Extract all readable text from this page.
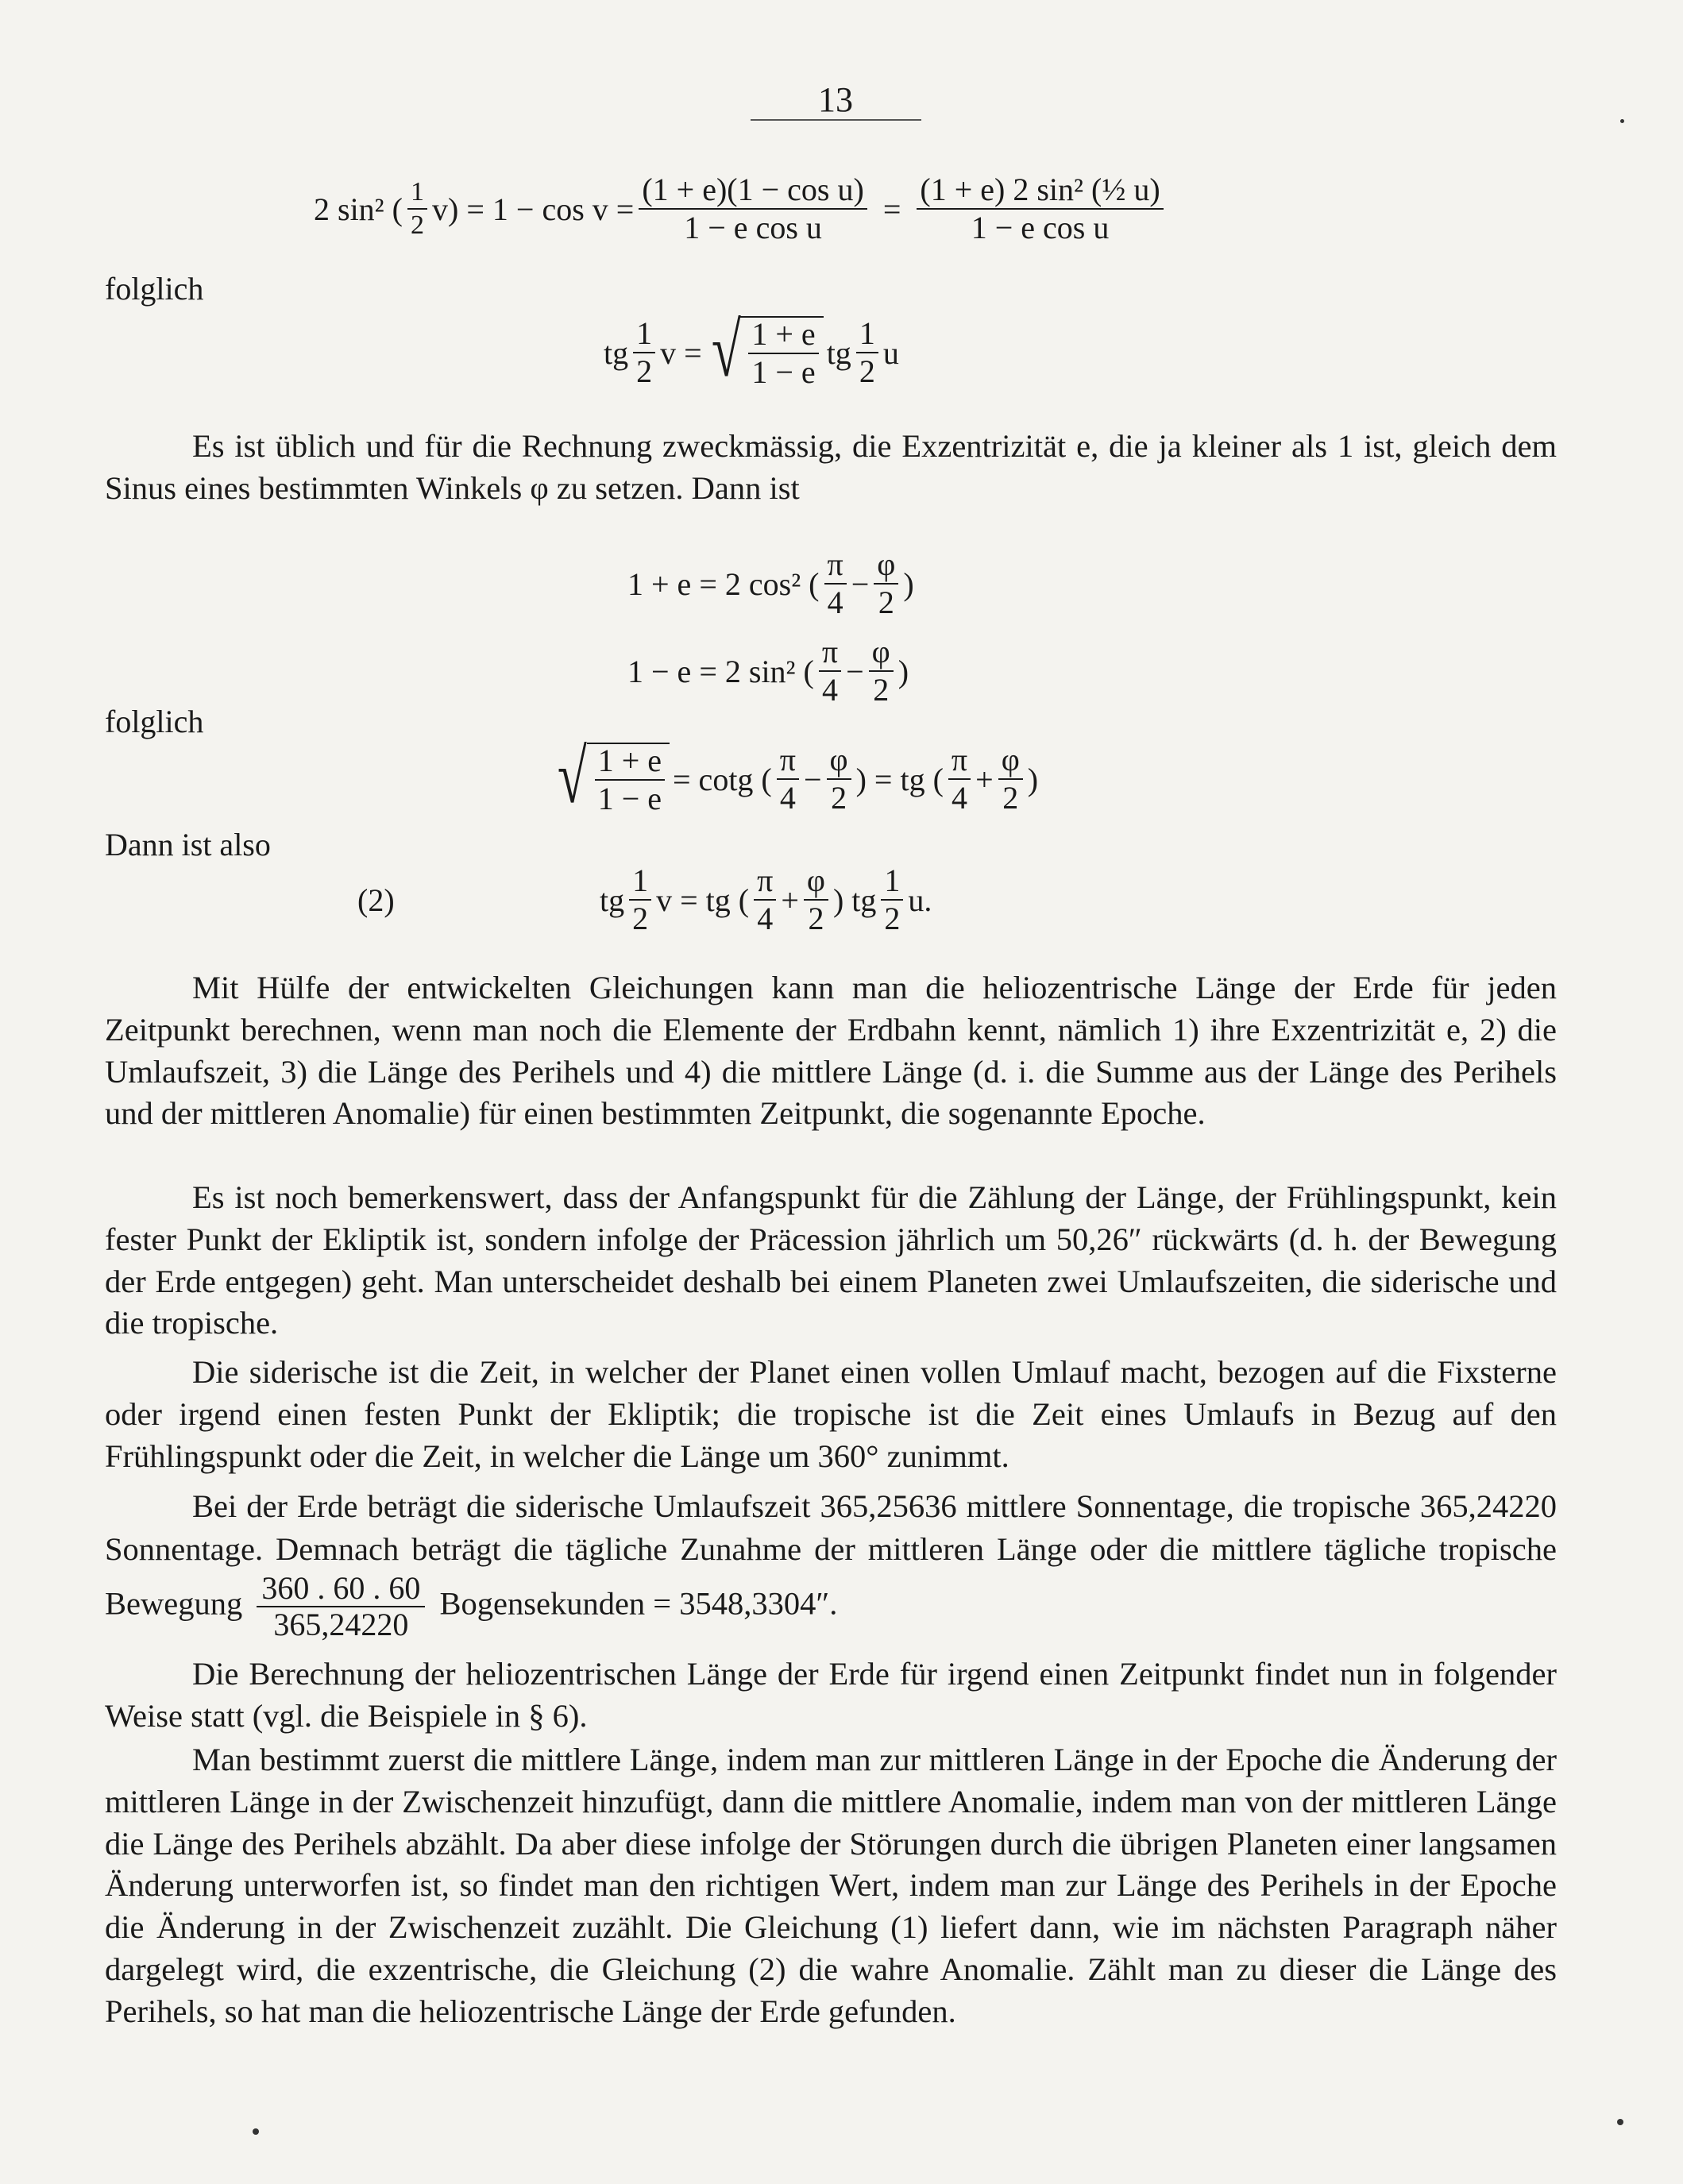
13
2 sin² ( $\frac{1}{2} v) = 1 - \cos v = \frac{\text{(1 + e)(1 − cos u)}}{\text{1 − e cos u}} = \frac{\text{(1 + e) 2 sin² (½ u)}}{\text{1 − e cos u}}$
folglich
tg $\frac{1}{2}$ v = √ $\frac{1 + e}{1 - e}$ tg $\frac{1}{2}$ u
Es ist üblich und für die Rechnung zweckmässig, die Exzentrizität e, die ja kleiner als 1 ist, gleich dem Sinus eines bestimmten Winkels φ zu setzen. Dann ist
1 + e = 2 cos² ( $\frac{\pi}{4} - \frac{\varphi}{2}$ )
1 − e = 2 sin² ( $\frac{\pi}{4} - \frac{\varphi}{2}$ )
folglich
√ $\frac{1 + e}{1 - e} = \cot g$ ( $\frac{\pi}{4} - \frac{\varphi}{2}$ ) = tg ( $\frac{\pi}{4} + \frac{\varphi}{2}$ )
Dann ist also
(2)	tg $\frac{1}{2}$ v = tg ( $\frac{\pi}{4} + \frac{\varphi}{2}$ ) tg $\frac{1}{2} u$.
Mit Hülfe der entwickelten Gleichungen kann man die heliozentrische Länge der Erde für jeden Zeitpunkt berechnen, wenn man noch die Elemente der Erdbahn kennt, nämlich 1) ihre Exzentrizität e, 2) die Umlaufszeit, 3) die Länge des Perihels und 4) die mittlere Länge (d. i. die Summe aus der Länge des Perihels und der mittleren Anomalie) für einen bestimmten Zeitpunkt, die sogenannte Epoche.
Es ist noch bemerkenswert, dass der Anfangspunkt für die Zählung der Länge, der Frühlingspunkt, kein fester Punkt der Ekliptik ist, sondern infolge der Präcession jährlich um 50,26″ rückwärts (d. h. der Bewegung der Erde entgegen) geht. Man unterscheidet deshalb bei einem Planeten zwei Umlaufszeiten, die siderische und die tropische.
Die siderische ist die Zeit, in welcher der Planet einen vollen Umlauf macht, bezogen auf die Fixsterne oder irgend einen festen Punkt der Ekliptik; die tropische ist die Zeit eines Umlaufs in Bezug auf den Frühlingspunkt oder die Zeit, in welcher die Länge um 360° zunimmt.
Bei der Erde beträgt die siderische Umlaufszeit 365,25636 mittlere Sonnentage, die tropische 365,24220 Sonnentage. Demnach beträgt die tägliche Zunahme der mittleren Länge oder die mittlere tägliche tropische Bewegung $\frac{360 . 60 . 60}{365,24220}$ Bogensekunden = 3548,3304″.
Die Berechnung der heliozentrischen Länge der Erde für irgend einen Zeitpunkt findet nun in folgender Weise statt (vgl. die Beispiele in § 6).
Man bestimmt zuerst die mittlere Länge, indem man zur mittleren Länge in der Epoche die Änderung der mittleren Länge in der Zwischenzeit hinzufügt, dann die mittlere Anomalie, indem man von der mittleren Länge die Länge des Perihels abzählt. Da aber diese infolge der Störungen durch die übrigen Planeten einer langsamen Änderung unterworfen ist, so findet man den richtigen Wert, indem man zur Länge des Perihels in der Epoche die Änderung in der Zwischenzeit zuzählt. Die Gleichung (1) liefert dann, wie im nächsten Paragraph näher dargelegt wird, die exzentrische, die Gleichung (2) die wahre Anomalie. Zählt man zu dieser die Länge des Perihels, so hat man die heliozentrische Länge der Erde gefunden.
